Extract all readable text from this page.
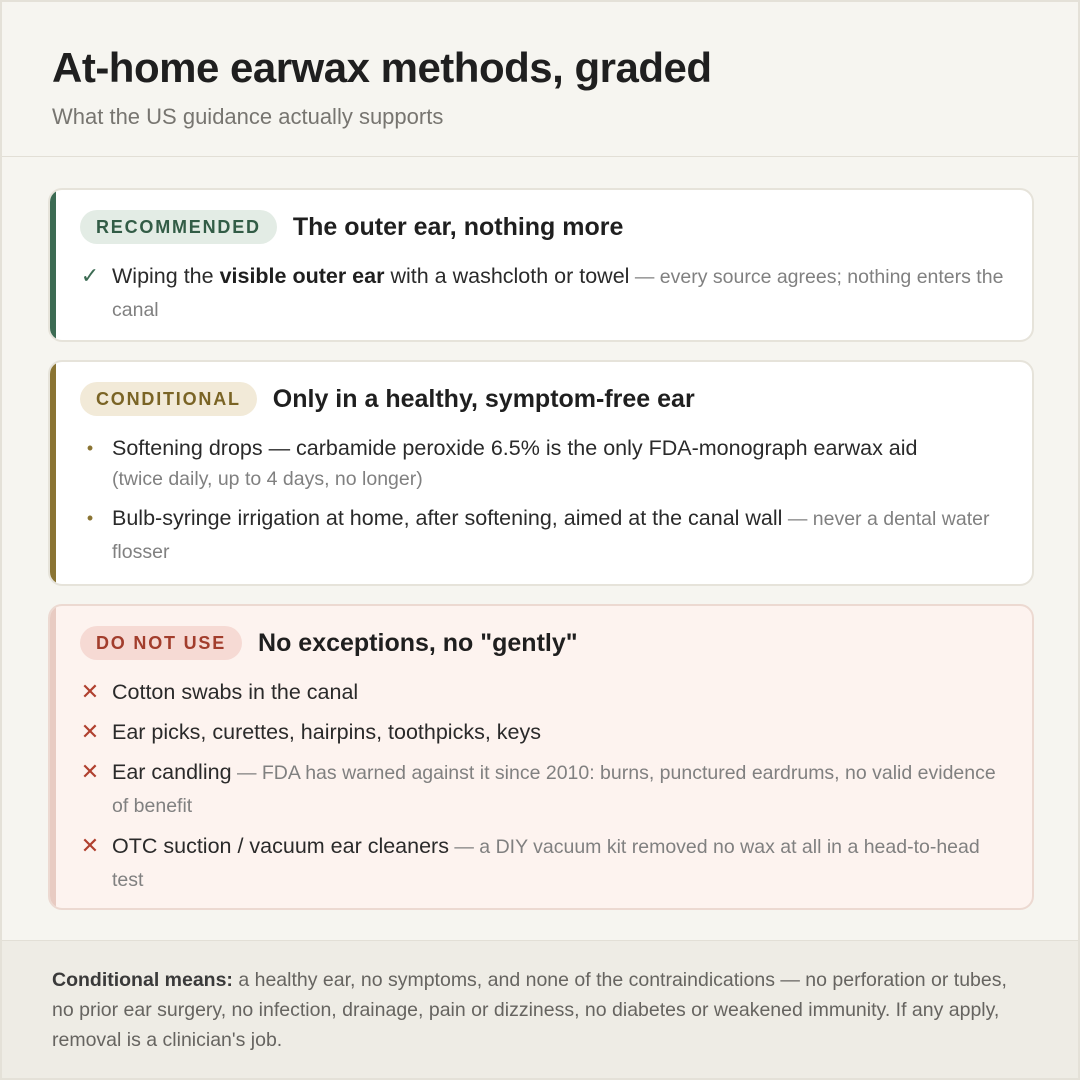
At-home earwax methods, graded

What the US guidance actually supports

RECOMMENDED	The outer ear, nothing more
✓ Wiping the visible outer ear with a washcloth or towel — every source agrees; nothing enters the canal
CONDITIONAL	Only in a healthy, symptom-free ear
• Softening drops — carbamide peroxide 6.5% is the only FDA-monograph earwax aid
(twice daily, up to 4 days, no longer)
• Bulb-syringe irrigation at home, after softening, aimed at the canal wall — never a dental water flosser
DO NOT USE	No exceptions, no "gently"
✕ Cotton swabs in the canal
✕ Ear picks, curettes, hairpins, toothpicks, keys
✕ Ear candling — FDA has warned against it since 2010: burns, punctured eardrums, no valid evidence of benefit
✕ OTC suction / vacuum ear cleaners — a DIY vacuum kit removed no wax at all in a head-to-head test

Conditional means: a healthy ear, no symptoms, and none of the contraindications — no perforation or tubes, no prior ear surgery, no infection, drainage, pain or dizziness, no diabetes or weakened immunity. If any apply, removal is a clinician's job.
